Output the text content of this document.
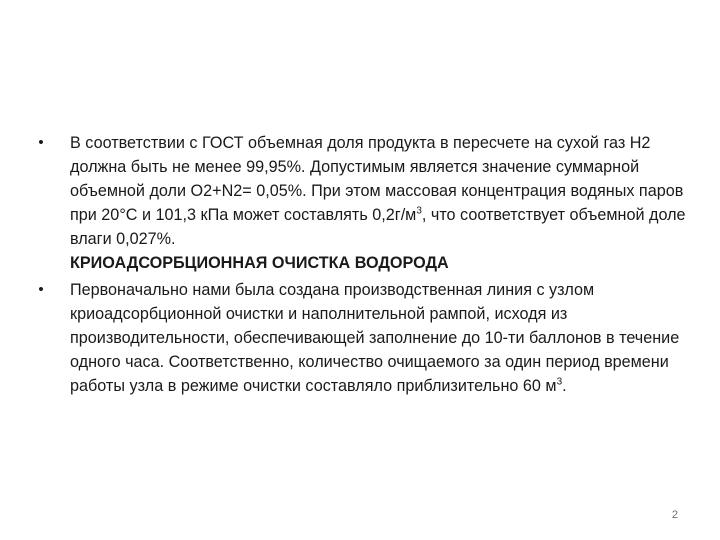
• В соответствии с ГОСТ объемная доля продукта в пересчете на сухой газ Н2 должна быть не менее 99,95%. Допустимым является значение суммарной объемной доли О2+N2= 0,05%. При этом массовая концентрация водяных паров при 20°С и 101,3 кПа может составлять $0,2г/м^3$, что соответствует объемной доле влаги 0,027%.
КРИОАДСОРБЦИОННАЯ ОЧИСТКА ВОДОРОДА
• Первоначально нами была создана производственная линия с узлом криоадсорбционной очистки и наполнительной рампой, исходя из производительности, обеспечивающей заполнение до 10-ти баллонов в течение одного часа. Соответственно, количество очищаемого за один период времени работы узла в режиме очистки составляло приблизительно 60 $м^3$.
2
